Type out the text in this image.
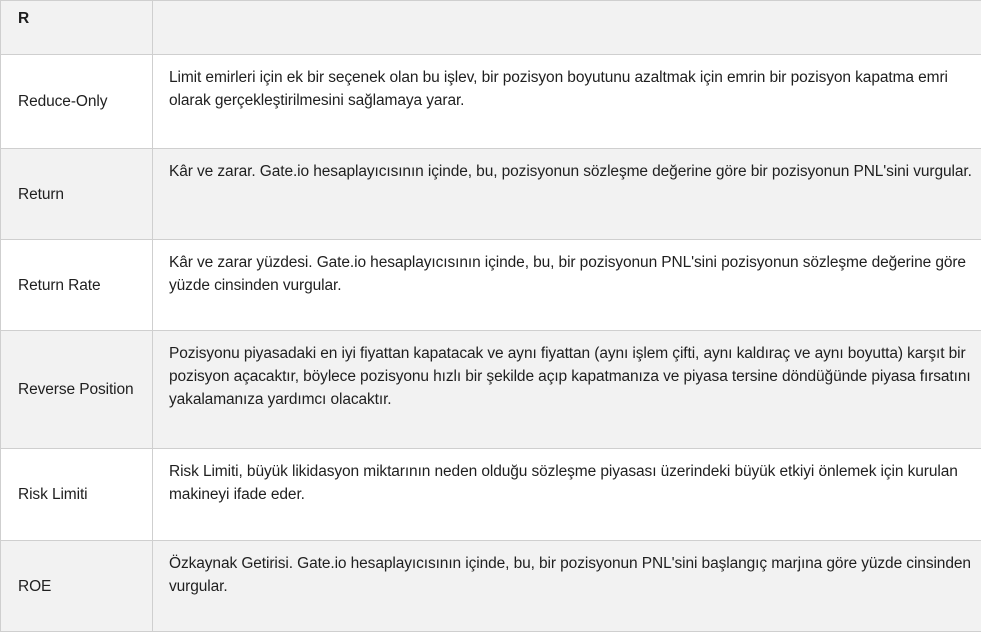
R	
Reduce-Only	Limit emirleri için ek bir seçenek olan bu işlev, bir pozisyon boyutunu azaltmak için emrin bir pozisyon kapatma emri olarak gerçekleştirilmesini sağlamaya yarar.
Return	Kâr ve zarar. Gate.io hesaplayıcısının içinde, bu, pozisyonun sözleşme değerine göre bir pozisyonun PNL'sini vurgular.
Return Rate	Kâr ve zarar yüzdesi. Gate.io hesaplayıcısının içinde, bu, bir pozisyonun PNL'sini pozisyonun sözleşme değerine göre yüzde cinsinden vurgular.
Reverse Position	Pozisyonu piyasadaki en iyi fiyattan kapatacak ve aynı fiyattan (aynı işlem çifti, aynı kaldıraç ve aynı boyutta) karşıt bir pozisyon açacaktır, böylece pozisyonu hızlı bir şekilde açıp kapatmanıza ve piyasa tersine döndüğünde piyasa fırsatını yakalamanıza yardımcı olacaktır.
Risk Limiti	Risk Limiti, büyük likidasyon miktarının neden olduğu sözleşme piyasası üzerindeki büyük etkiyi önlemek için kurulan makineyi ifade eder.
ROE	Özkaynak Getirisi. Gate.io hesaplayıcısının içinde, bu, bir pozisyonun PNL'sini başlangıç marjına göre yüzde cinsinden vurgular.
